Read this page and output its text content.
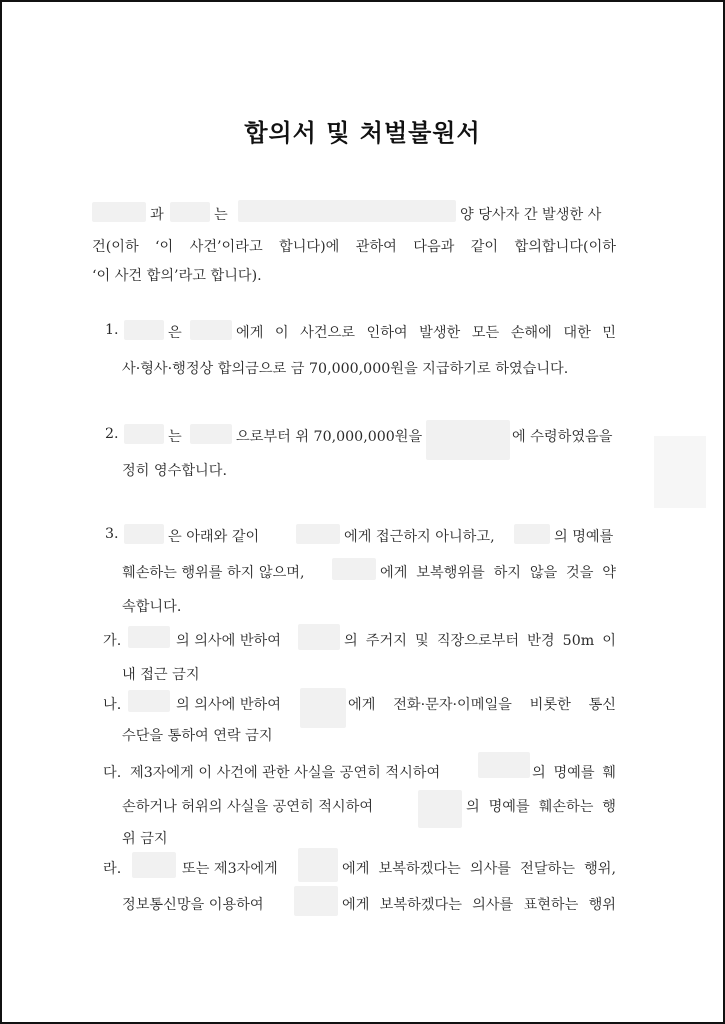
합의서 및 처벌불원서
과	는	양 당사자 간 발생한 사
건(이하 ‘이 사건’이라고 합니다)에 관하여 다음과 같이 합의합니다(이하
‘이 사건 합의’라고 합니다).
1.	은	에게 이 사건으로 인하여 발생한 모든 손해에 대한 민
사·형사·행정상 합의금으로 금 70,000,000원을 지급하기로 하였습니다.
2.	는	으로부터 위 70,000,000원을	에 수령하였음을
정히 영수합니다.
3.	은 아래와 같이	에게 접근하지 아니하고,	의 명예를
훼손하는 행위를 하지 않으며,	에게 보복행위를 하지 않을 것을 약
속합니다.
가.	의 의사에 반하여	의 주거지 및 직장으로부터 반경 50m 이
내 접근 금지
나.	의 의사에 반하여	에게 전화·문자·이메일을 비롯한 통신
수단을 통하여 연락 금지
다. 제3자에게 이 사건에 관한 사실을 공연히 적시하여	의 명예를 훼
손하거나 허위의 사실을 공연히 적시하여	의 명예를 훼손하는 행
위 금지
라.	또는 제3자에게	에게 보복하겠다는 의사를 전달하는 행위,
정보통신망을 이용하여	에게 보복하겠다는 의사를 표현하는 행위
